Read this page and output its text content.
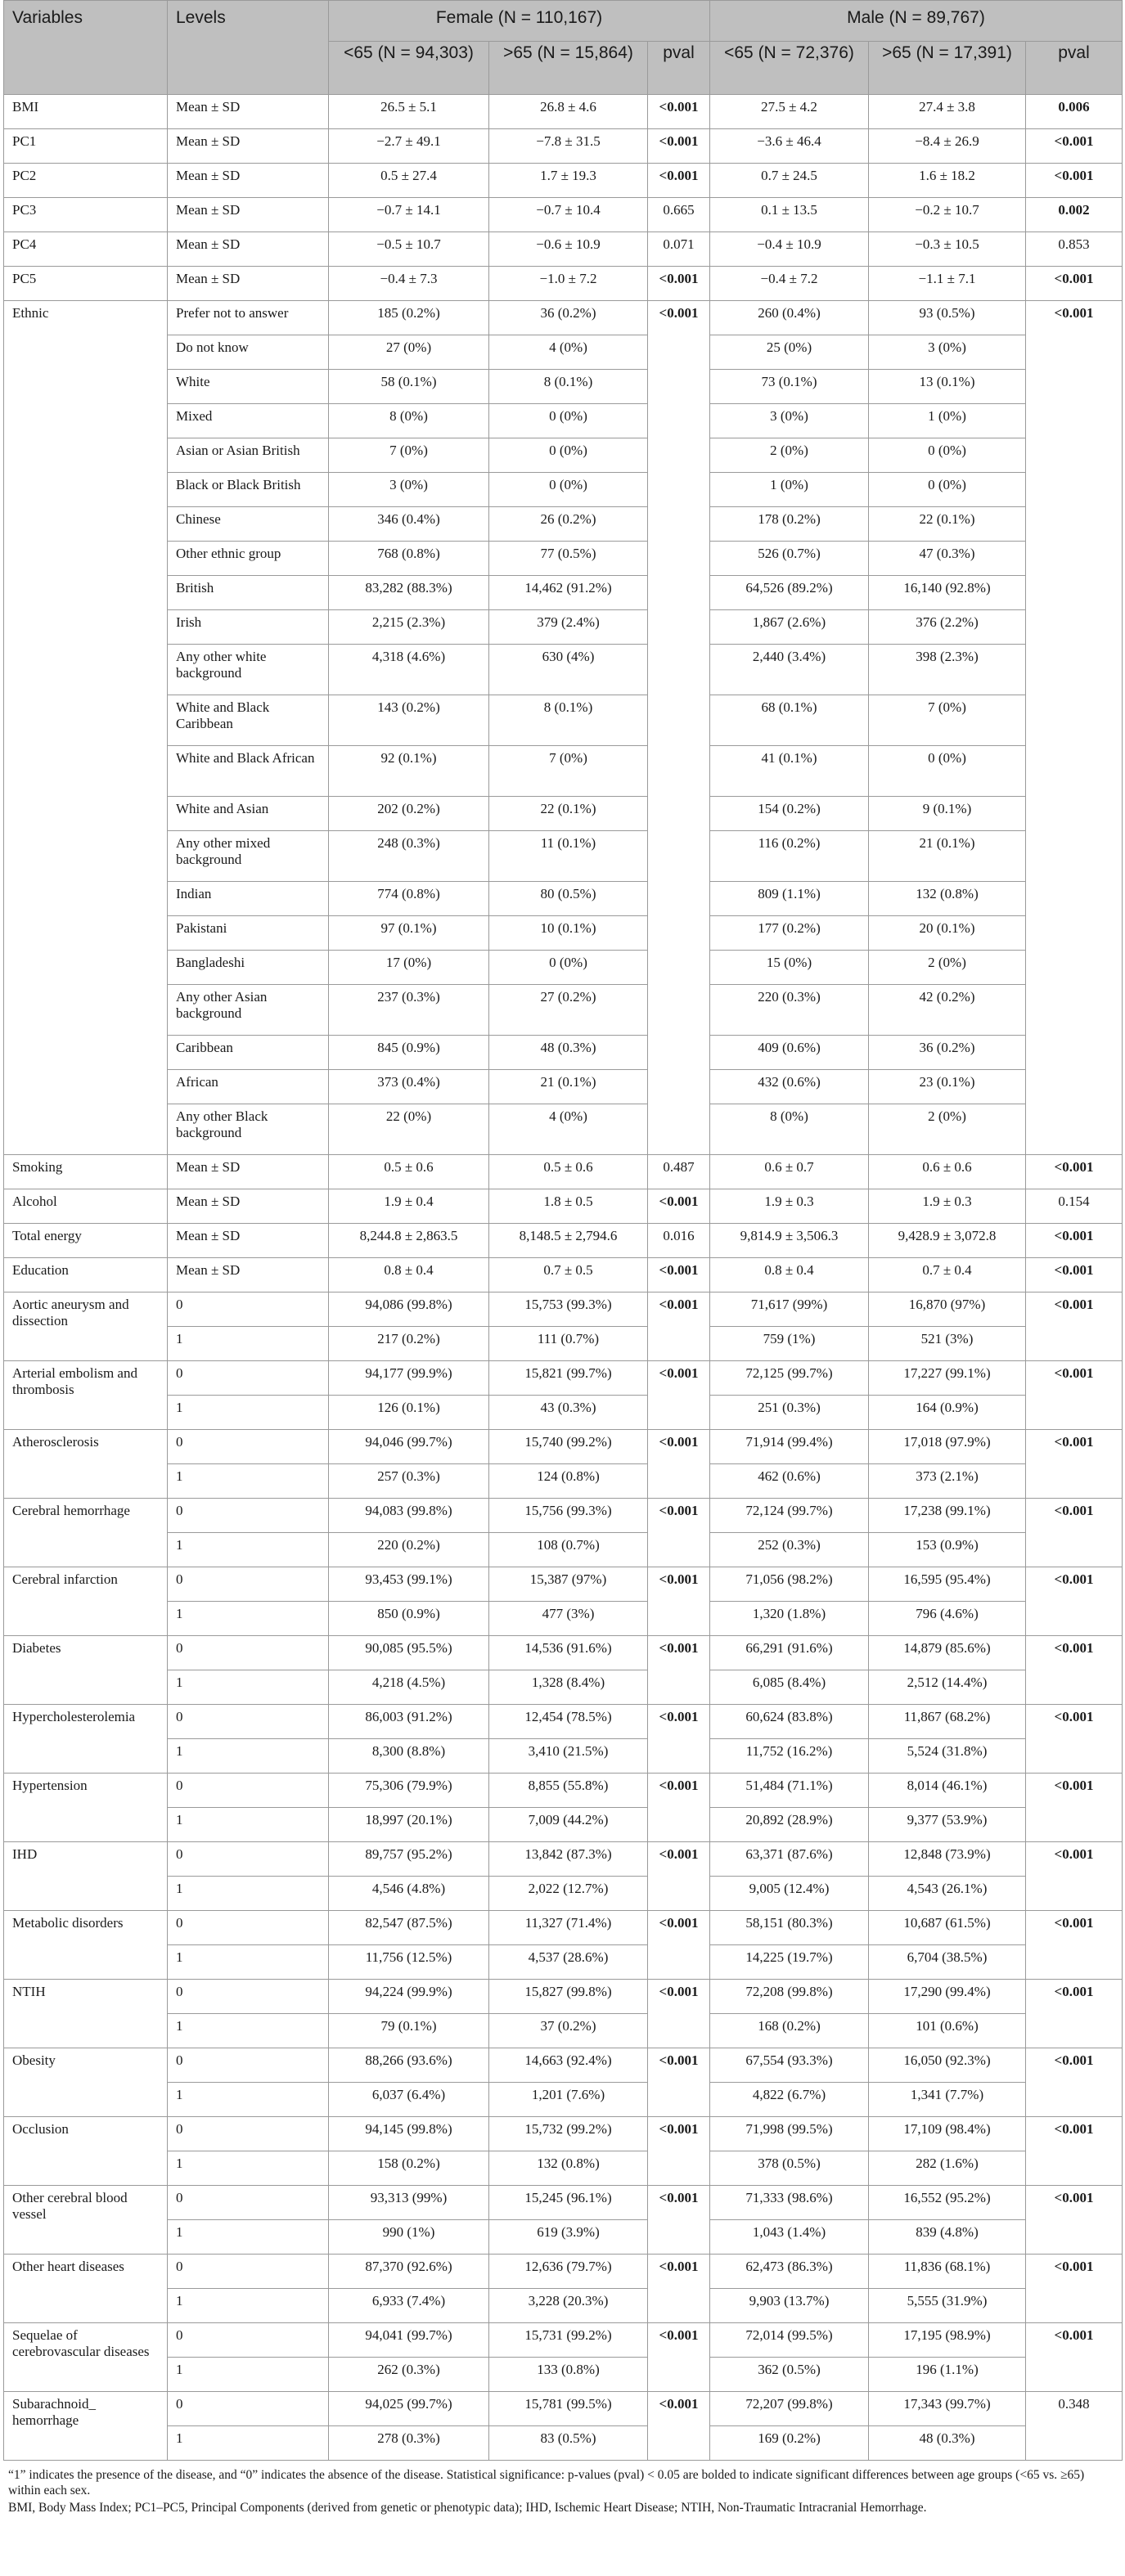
Variables	Levels	Female (N = 110,167)			Male (N = 89,767)		
		<65 (N = 94,303)	>65 (N = 15,864)	pval	<65 (N = 72,376)	>65 (N = 17,391)	pval
BMI	Mean ± SD	26.5 ± 5.1	26.8 ± 4.6	<0.001	27.5 ± 4.2	27.4 ± 3.8	0.006
PC1	Mean ± SD	−2.7 ± 49.1	−7.8 ± 31.5	<0.001	−3.6 ± 46.4	−8.4 ± 26.9	<0.001
PC2	Mean ± SD	0.5 ± 27.4	1.7 ± 19.3	<0.001	0.7 ± 24.5	1.6 ± 18.2	<0.001
PC3	Mean ± SD	−0.7 ± 14.1	−0.7 ± 10.4	0.665	0.1 ± 13.5	−0.2 ± 10.7	0.002
PC4	Mean ± SD	−0.5 ± 10.7	−0.6 ± 10.9	0.071	−0.4 ± 10.9	−0.3 ± 10.5	0.853
PC5	Mean ± SD	−0.4 ± 7.3	−1.0 ± 7.2	<0.001	−0.4 ± 7.2	−1.1 ± 7.1	<0.001
Ethnic	Prefer not to answer	185 (0.2%)	36 (0.2%)	<0.001	260 (0.4%)	93 (0.5%)	<0.001
	Do not know	27 (0%)	4 (0%)		25 (0%)	3 (0%)	
	White	58 (0.1%)	8 (0.1%)		73 (0.1%)	13 (0.1%)	
	Mixed	8 (0%)	0 (0%)		3 (0%)	1 (0%)	
	Asian or Asian British	7 (0%)	0 (0%)		2 (0%)	0 (0%)	
	Black or Black British	3 (0%)	0 (0%)		1 (0%)	0 (0%)	
	Chinese	346 (0.4%)	26 (0.2%)		178 (0.2%)	22 (0.1%)	
	Other ethnic group	768 (0.8%)	77 (0.5%)		526 (0.7%)	47 (0.3%)	
	British	83,282 (88.3%)	14,462 (91.2%)		64,526 (89.2%)	16,140 (92.8%)	
	Irish	2,215 (2.3%)	379 (2.4%)		1,867 (2.6%)	376 (2.2%)	
	Any other white background	4,318 (4.6%)	630 (4%)		2,440 (3.4%)	398 (2.3%)	
	White and Black Caribbean	143 (0.2%)	8 (0.1%)		68 (0.1%)	7 (0%)	
	White and Black African	92 (0.1%)	7 (0%)		41 (0.1%)	0 (0%)	
	White and Asian	202 (0.2%)	22 (0.1%)		154 (0.2%)	9 (0.1%)	
	Any other mixed background	248 (0.3%)	11 (0.1%)		116 (0.2%)	21 (0.1%)	
	Indian	774 (0.8%)	80 (0.5%)		809 (1.1%)	132 (0.8%)	
	Pakistani	97 (0.1%)	10 (0.1%)		177 (0.2%)	20 (0.1%)	
	Bangladeshi	17 (0%)	0 (0%)		15 (0%)	2 (0%)	
	Any other Asian background	237 (0.3%)	27 (0.2%)		220 (0.3%)	42 (0.2%)	
	Caribbean	845 (0.9%)	48 (0.3%)		409 (0.6%)	36 (0.2%)	
	African	373 (0.4%)	21 (0.1%)		432 (0.6%)	23 (0.1%)	
	Any other Black background	22 (0%)	4 (0%)		8 (0%)	2 (0%)	
Smoking	Mean ± SD	0.5 ± 0.6	0.5 ± 0.6	0.487	0.6 ± 0.7	0.6 ± 0.6	<0.001
Alcohol	Mean ± SD	1.9 ± 0.4	1.8 ± 0.5	<0.001	1.9 ± 0.3	1.9 ± 0.3	0.154
Total energy	Mean ± SD	8,244.8 ± 2,863.5	8,148.5 ± 2,794.6	0.016	9,814.9 ± 3,506.3	9,428.9 ± 3,072.8	<0.001
Education	Mean ± SD	0.8 ± 0.4	0.7 ± 0.5	<0.001	0.8 ± 0.4	0.7 ± 0.4	<0.001
Aortic aneurysm and dissection	0	94,086 (99.8%)	15,753 (99.3%)	<0.001	71,617 (99%)	16,870 (97%)	<0.001
	1	217 (0.2%)	111 (0.7%)		759 (1%)	521 (3%)	
Arterial embolism and thrombosis	0	94,177 (99.9%)	15,821 (99.7%)	<0.001	72,125 (99.7%)	17,227 (99.1%)	<0.001
	1	126 (0.1%)	43 (0.3%)		251 (0.3%)	164 (0.9%)	
Atherosclerosis	0	94,046 (99.7%)	15,740 (99.2%)	<0.001	71,914 (99.4%)	17,018 (97.9%)	<0.001
	1	257 (0.3%)	124 (0.8%)		462 (0.6%)	373 (2.1%)	
Cerebral hemorrhage	0	94,083 (99.8%)	15,756 (99.3%)	<0.001	72,124 (99.7%)	17,238 (99.1%)	<0.001
	1	220 (0.2%)	108 (0.7%)		252 (0.3%)	153 (0.9%)	
Cerebral infarction	0	93,453 (99.1%)	15,387 (97%)	<0.001	71,056 (98.2%)	16,595 (95.4%)	<0.001
	1	850 (0.9%)	477 (3%)		1,320 (1.8%)	796 (4.6%)	
Diabetes	0	90,085 (95.5%)	14,536 (91.6%)	<0.001	66,291 (91.6%)	14,879 (85.6%)	<0.001
	1	4,218 (4.5%)	1,328 (8.4%)		6,085 (8.4%)	2,512 (14.4%)	
Hypercholesterolemia	0	86,003 (91.2%)	12,454 (78.5%)	<0.001	60,624 (83.8%)	11,867 (68.2%)	<0.001
	1	8,300 (8.8%)	3,410 (21.5%)		11,752 (16.2%)	5,524 (31.8%)	
Hypertension	0	75,306 (79.9%)	8,855 (55.8%)	<0.001	51,484 (71.1%)	8,014 (46.1%)	<0.001
	1	18,997 (20.1%)	7,009 (44.2%)		20,892 (28.9%)	9,377 (53.9%)	
IHD	0	89,757 (95.2%)	13,842 (87.3%)	<0.001	63,371 (87.6%)	12,848 (73.9%)	<0.001
	1	4,546 (4.8%)	2,022 (12.7%)		9,005 (12.4%)	4,543 (26.1%)	
Metabolic disorders	0	82,547 (87.5%)	11,327 (71.4%)	<0.001	58,151 (80.3%)	10,687 (61.5%)	<0.001
	1	11,756 (12.5%)	4,537 (28.6%)		14,225 (19.7%)	6,704 (38.5%)	
NTIH	0	94,224 (99.9%)	15,827 (99.8%)	<0.001	72,208 (99.8%)	17,290 (99.4%)	<0.001
	1	79 (0.1%)	37 (0.2%)		168 (0.2%)	101 (0.6%)	
Obesity	0	88,266 (93.6%)	14,663 (92.4%)	<0.001	67,554 (93.3%)	16,050 (92.3%)	<0.001
	1	6,037 (6.4%)	1,201 (7.6%)		4,822 (6.7%)	1,341 (7.7%)	
Occlusion	0	94,145 (99.8%)	15,732 (99.2%)	<0.001	71,998 (99.5%)	17,109 (98.4%)	<0.001
	1	158 (0.2%)	132 (0.8%)		378 (0.5%)	282 (1.6%)	
Other cerebral blood vessel	0	93,313 (99%)	15,245 (96.1%)	<0.001	71,333 (98.6%)	16,552 (95.2%)	<0.001
	1	990 (1%)	619 (3.9%)		1,043 (1.4%)	839 (4.8%)	
Other heart diseases	0	87,370 (92.6%)	12,636 (79.7%)	<0.001	62,473 (86.3%)	11,836 (68.1%)	<0.001
	1	6,933 (7.4%)	3,228 (20.3%)		9,903 (13.7%)	5,555 (31.9%)	
Sequelae of cerebrovascular diseases	0	94,041 (99.7%)	15,731 (99.2%)	<0.001	72,014 (99.5%)	17,195 (98.9%)	<0.001
	1	262 (0.3%)	133 (0.8%)		362 (0.5%)	196 (1.1%)	
Subarachnoid_ hemorrhage	0	94,025 (99.7%)	15,781 (99.5%)	<0.001	72,207 (99.8%)	17,343 (99.7%)	0.348
	1	278 (0.3%)	83 (0.5%)		169 (0.2%)	48 (0.3%)	

“1” indicates the presence of the disease, and “0” indicates the absence of the disease. Statistical significance: p-values (pval) < 0.05 are bolded to indicate significant differences between age groups (<65 vs. ≥65) within each sex.

BMI, Body Mass Index; PC1–PC5, Principal Components (derived from genetic or phenotypic data); IHD, Ischemic Heart Disease; NTIH, Non-Traumatic Intracranial Hemorrhage.
